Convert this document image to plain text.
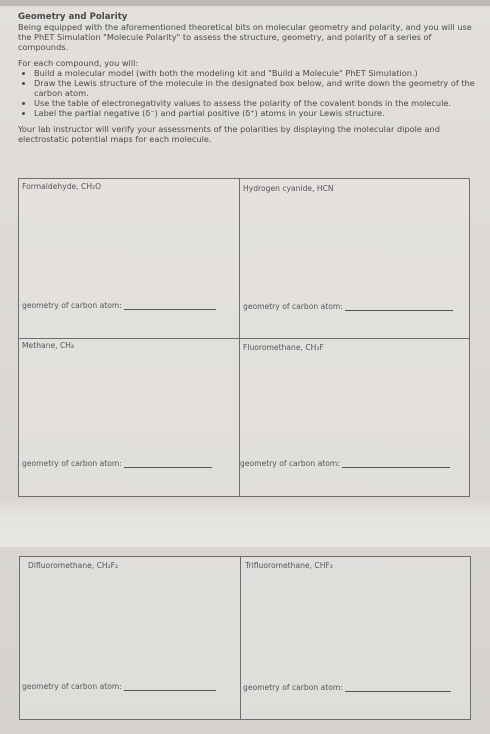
Geometry and Polarity

Being equipped with the aforementioned theoretical bits on molecular geometry and polarity, and you will use the PhET Simulation "Molecule Polarity" to assess the structure, geometry, and polarity of a series of compounds.

For each compound, you will:

• Build a molecular model (with both the modeling kit and "Build a Molecule" PhET Simulation.)
• Draw the Lewis structure of the molecule in the designated box below, and write down the geometry of the carbon atom.
• Use the table of electronegativity values to assess the polarity of the covalent bonds in the molecule.
• Label the partial negative (δ⁻) and partial positive (δ⁺) atoms in your Lewis structure.

Your lab instructor will verify your assessments of the polarities by displaying the molecular dipole and electrostatic potential maps for each molecule.

Formaldehyde, CH₂O	Hydrogen cyanide, HCN
geometry of carbon atom:	geometry of carbon atom:
Methane, CH₄	Fluoromethane, CH₃F
geometry of carbon atom:	geometry of carbon atom:
Difluoromethane, CH₂F₂	Trifluoromethane, CHF₃
geometry of carbon atom:	geometry of carbon atom:
